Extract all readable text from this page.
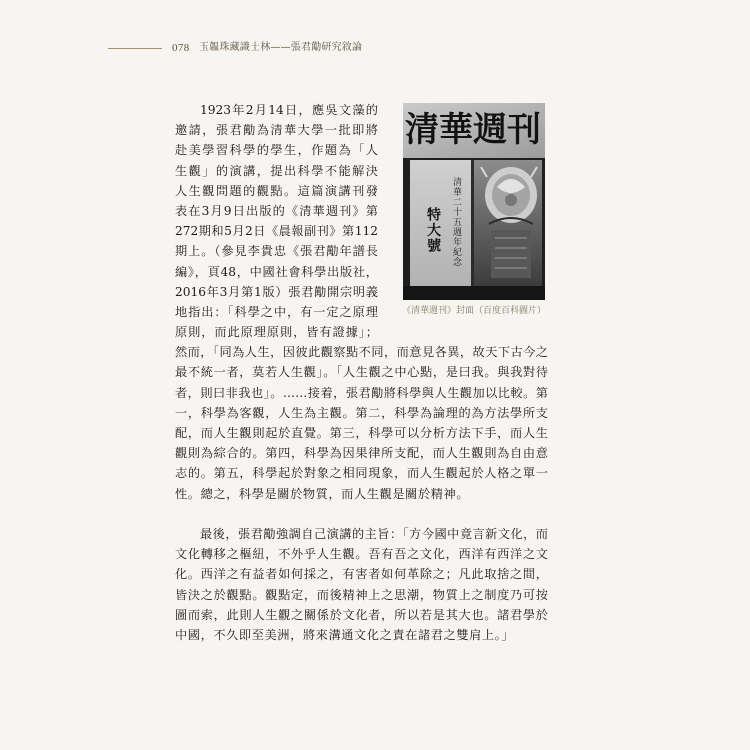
078 玉韞珠藏識士林——張君勱研究敘論
清華週刊
清華二十五週年紀念
特大號
《清華週刊》封面（百度百科圖片）
1923年2月14日，應吳文藻的
邀請，張君勱為清華大學一批即將
赴美學習科學的學生，作題為「人
生觀」的演講，提出科學不能解決
人生觀問題的觀點。這篇演講刊發
表在3月9日出版的《清華週刊》第
272期和5月2日《晨報副刊》第112
期上。（參見李貴忠《張君勱年譜長
編》，頁48，中國社會科學出版社，
2016年3月第1版）張君勱開宗明義
地指出：「科學之中，有一定之原理
原則，而此原理原則，皆有證據」；
然而，「同為人生，因彼此觀察點不同，而意見各異，故天下古今之
最不統一者，莫若人生觀」。「人生觀之中心點，是曰我。與我對待
者，則曰非我也」。……接着，張君勱將科學與人生觀加以比較。第
一，科學為客觀，人生為主觀。第二，科學為論理的為方法學所支
配，而人生觀則起於直覺。第三，科學可以分析方法下手，而人生
觀則為綜合的。第四，科學為因果律所支配，而人生觀則為自由意
志的。第五，科學起於對象之相同現象，而人生觀起於人格之單一
性。總之，科學是關於物質，而人生觀是關於精神。
最後，張君勱強調自己演講的主旨：「方今國中竟言新文化，而
文化轉移之樞紐，不外乎人生觀。吾有吾之文化，西洋有西洋之文
化。西洋之有益者如何採之，有害者如何革除之；凡此取捨之間，
皆決之於觀點。觀點定，而後精神上之思潮，物質上之制度乃可按
圖而索，此則人生觀之關係於文化者，所以若是其大也。諸君學於
中國，不久即至美洲，將來溝通文化之責在諸君之雙肩上。」
